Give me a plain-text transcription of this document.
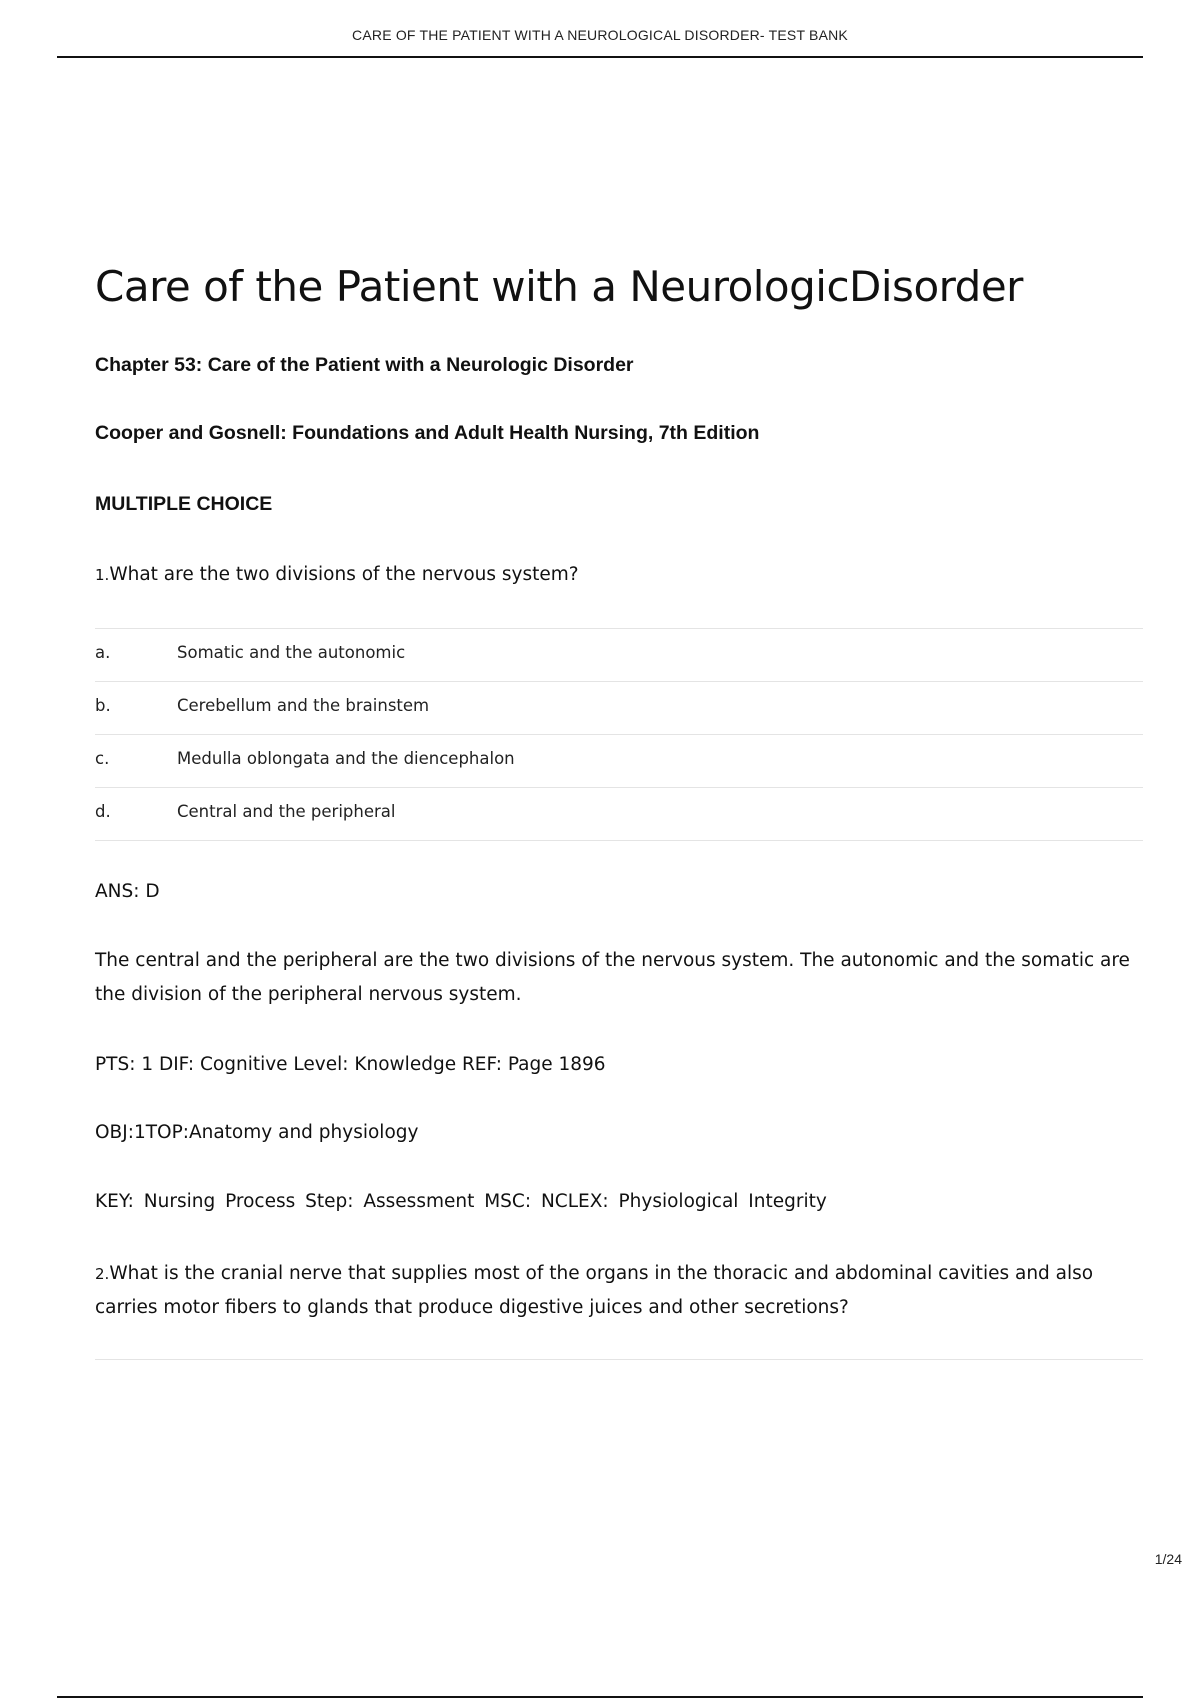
CARE OF THE PATIENT WITH A NEUROLOGICAL DISORDER- TEST BANK
Care of the Patient with a NeurologicDisorder

Chapter 53: Care of the Patient with a Neurologic Disorder

Cooper and Gosnell: Foundations and Adult Health Nursing, 7th Edition

MULTIPLE CHOICE

1.What are the two divisions of the nervous system?

a.	Somatic and the autonomic
b.	Cerebellum and the brainstem
c.	Medulla oblongata and the diencephalon
d.	Central and the peripheral

ANS: D

The central and the peripheral are the two divisions of the nervous system. The autonomic and the somatic are the division of the peripheral nervous system.

PTS: 1 DIF: Cognitive Level: Knowledge REF: Page 1896

OBJ:1TOP:Anatomy and physiology

KEY: Nursing Process Step: Assessment MSC: NCLEX: Physiological Integrity

2.What is the cranial nerve that supplies most of the organs in the thoracic and abdominal cavities and also carries motor fibers to glands that produce digestive juices and other secretions?

1/24
